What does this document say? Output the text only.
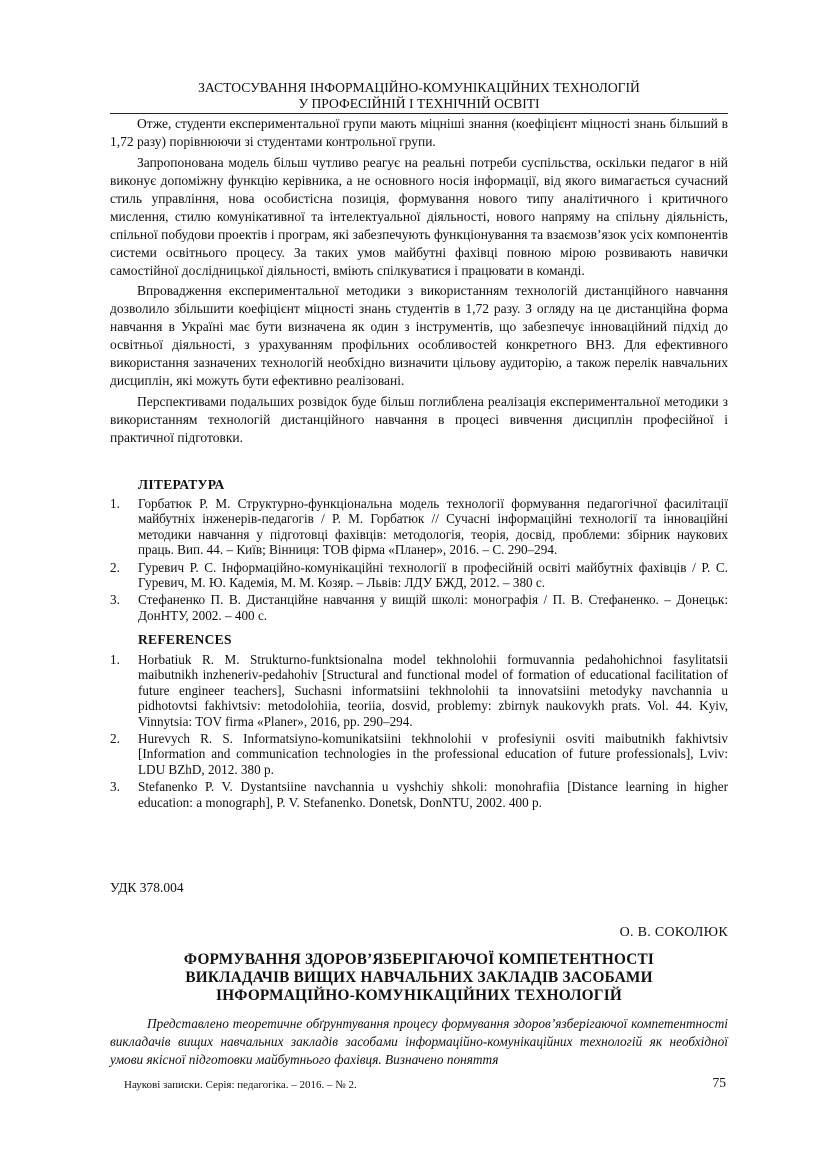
ЗАСТОСУВАННЯ ІНФОРМАЦІЙНО-КОМУНІКАЦІЙНИХ ТЕХНОЛОГІЙ
У ПРОФЕСІЙНІЙ І ТЕХНІЧНІЙ ОСВІТІ

Отже, студенти експериментальної групи мають міцніші знання (коефіцієнт міцності знань більший в 1,72 разу) порівнюючи зі студентами контрольної групи.

Запропонована модель більш чутливо реагує на реальні потреби суспільства, оскільки педагог в ній виконує допоміжну функцію керівника, а не основного носія інформації, від якого вимагається сучасний стиль управління, нова особистісна позиція, формування нового типу аналітичного і критичного мислення, стилю комунікативної та інтелектуальної діяльності, нового напряму на спільну діяльність, спільної побудови проектів і програм, які забезпечують функціонування та взаємозв’язок усіх компонентів системи освітнього процесу. За таких умов майбутні фахівці повною мірою розвивають навички самостійної дослідницької діяльності, вміють спілкуватися і працювати в команді.

Впровадження експериментальної методики з використанням технологій дистанційного навчання дозволило збільшити коефіцієнт міцності знань студентів в 1,72 разу. З огляду на це дистанційна форма навчання в Україні має бути визначена як один з інструментів, що забезпечує інноваційний підхід до освітньої діяльності, з урахуванням профільних особливостей конкретного ВНЗ. Для ефективного використання зазначених технологій необхідно визначити цільову аудиторію, а також перелік навчальних дисциплін, які можуть бути ефективно реалізовані.

Перспективами подальших розвідок буде більш поглиблена реалізація експериментальної методики з використанням технологій дистанційного навчання в процесі вивчення дисциплін професійної і практичної підготовки.

ЛІТЕРАТУРА
1. Горбатюк Р. М. Структурно-функціональна модель технології формування педагогічної фасилітації майбутніх інженерів-педагогів / Р. М. Горбатюк // Сучасні інформаційні технології та інноваційні методики навчання у підготовці фахівців: методологія, теорія, досвід, проблеми: збірник наукових праць. Вип. 44. – Київ; Вінниця: ТОВ фірма «Планер», 2016. – С. 290–294.
2. Гуревич Р. С. Інформаційно-комунікаційні технології в професійній освіті майбутніх фахівців / Р. С. Гуревич, М. Ю. Кадемія, М. М. Козяр. – Львів: ЛДУ БЖД, 2012. – 380 с.
3. Стефаненко П. В. Дистанційне навчання у вищій школі: монографія / П. В. Стефаненко. – Донецьк: ДонНТУ, 2002. – 400 с.
REFERENCES
1. Horbatiuk R. M. Strukturno-funktsionalna model tekhnolohii formuvannia pedahohichnoi fasylitatsii maibutnikh inzheneriv-pedahohiv [Structural and functional model of formation of educational facilitation of future engineer teachers], Suchasni informatsiini tekhnolohii ta innovatsiini metodyky navchannia u pidhotovtsi fakhivtsiv: metodolohiia, teoriia, dosvid, problemy: zbirnyk naukovykh prats. Vol. 44. Kyiv, Vinnytsia: TOV firma «Planer», 2016, pp. 290–294.
2. Hurevych R. S. Informatsiyno-komunikatsiini tekhnolohii v profesiynii osviti maibutnikh fakhivtsiv [Information and communication technologies in the professional education of future professionals], Lviv: LDU BZhD, 2012. 380 p.
3. Stefanenko P. V. Dystantsiine navchannia u vyshchiy shkoli: monohrafiia [Distance learning in higher education: a monograph], P. V. Stefanenko. Donetsk, DonNTU, 2002. 400 p.
УДК 378.004
О. В. СОКОЛЮК
ФОРМУВАННЯ ЗДОРОВ’ЯЗБЕРІГАЮЧОЇ КОМПЕТЕНТНОСТІ
ВИКЛАДАЧІВ ВИЩИХ НАВЧАЛЬНИХ ЗАКЛАДІВ ЗАСОБАМИ
ІНФОРМАЦІЙНО-КОМУНІКАЦІЙНИХ ТЕХНОЛОГІЙ

Представлено теоретичне обґрунтування процесу формування здоров’язберігаючої компетентності викладачів вищих навчальних закладів засобами інформаційно-комунікаційних технологій як необхідної умови якісної підготовки майбутнього фахівця. Визначено поняття

Наукові записки. Серія: педагогіка. – 2016. – № 2.	75
